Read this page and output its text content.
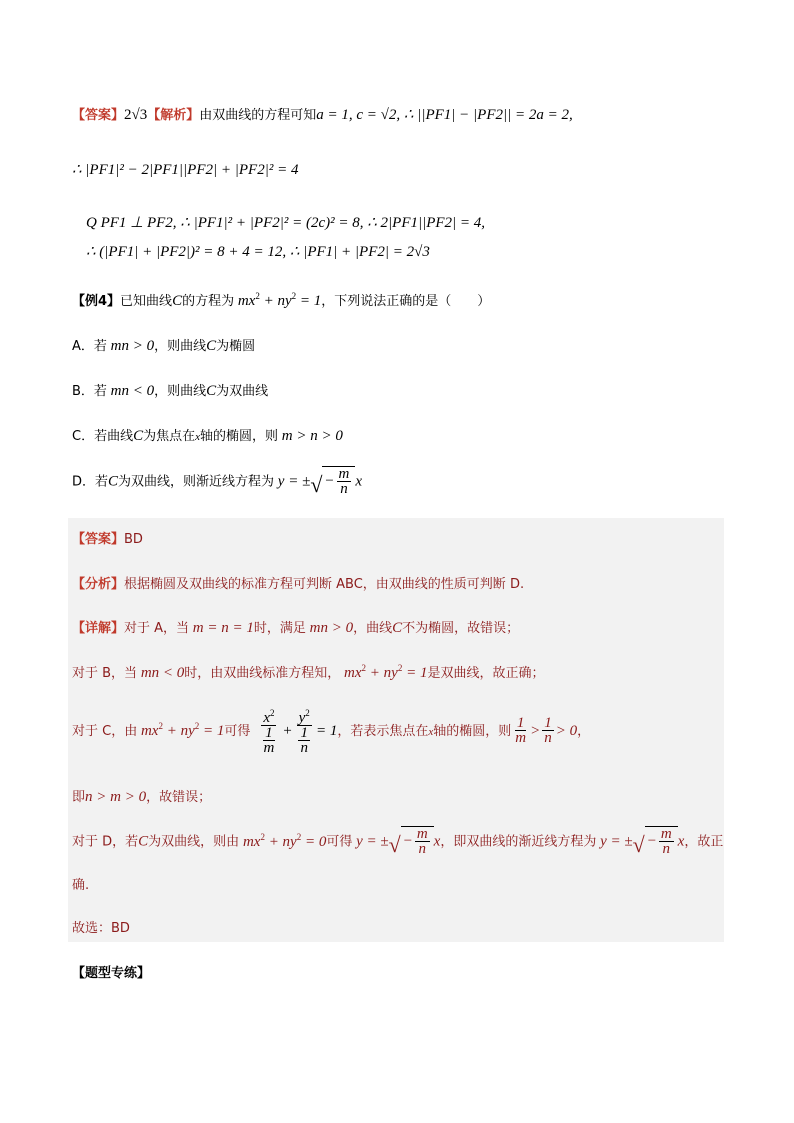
【答案】2√3【解析】由双曲线的方程可知a = 1, c = √2, ∴ ||PF1| − |PF2|| = 2a = 2,
∴ |PF1|² − 2|PF1||PF2| + |PF2|² = 4
Q PF1 ⊥ PF2, ∴ |PF1|² + |PF2|² = (2c)² = 8, ∴ 2|PF1||PF2| = 4,
∴ (|PF1| + |PF2|)² = 8 + 4 = 12, ∴ |PF1| + |PF2| = 2√3
【例4】已知曲线C的方程为 $mx^2 + ny^2 = 1$，下列说法正确的是（　　）
A．若 mn > 0，则曲线C为椭圆
B．若 mn < 0，则曲线C为双曲线
C．若曲线C为焦点在x轴的椭圆，则 m > n > 0
D．若C为双曲线，则渐近线方程为 y = ± √ − $\frac{m}{n}$ x
【答案】BD
【分析】根据椭圆及双曲线的标准方程可判断 ABC，由双曲线的性质可判断 D.
【详解】对于 A，当 m = n = 1时，满足 mn > 0，曲线C不为椭圆，故错误；
对于 B，当 mn < 0时，由双曲线标准方程知， $mx^2 + ny^2 = 1$是双曲线，故正确；
对于 C，由 $mx^2 + ny^2 = 1$可得 $\frac{x^2}{\frac{1}{m}} + \frac{y^2}{\frac{1}{n}} = 1$，若表示焦点在x轴的椭圆，则 $\frac{1}{m} > \frac{1}{n} > 0$，
即n > m > 0，故错误；
对于 D，若C为双曲线，则由 $mx^2 + ny^2 = 0$可得 y = ± √ − $\frac{m}{n}$ x，即双曲线的渐近线方程为 y = ± √ − $\frac{m}{n}$ x，故正
确.
故选：BD
【题型专练】
